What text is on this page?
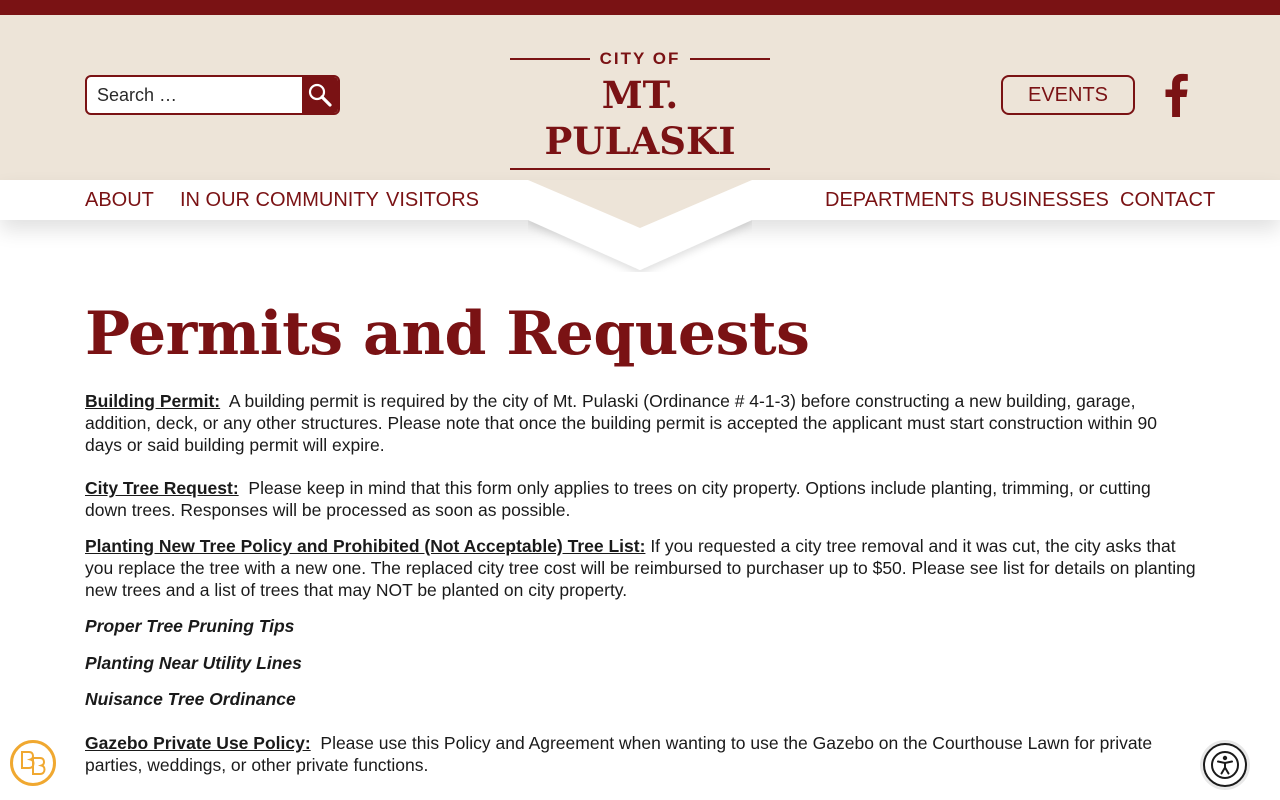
Search …
CITY OF
MT. PULASKI
EVENTS
ABOUT IN OUR COMMUNITY VISITORS	DEPARTMENTS BUSINESSES CONTACT
Permits and Requests

Building Permit: A building permit is required by the city of Mt. Pulaski (Ordinance # 4-1-3) before constructing a new building, garage, addition, deck, or any other structures. Please note that once the building permit is accepted the applicant must start construction within 90 days or said building permit will expire.

City Tree Request: Please keep in mind that this form only applies to trees on city property. Options include planting, trimming, or cutting down trees. Responses will be processed as soon as possible.

Planting New Tree Policy and Prohibited (Not Acceptable) Tree List: If you requested a city tree removal and it was cut, the city asks that you replace the tree with a new one. The replaced city tree cost will be reimbursed to purchaser up to $50. Please see list for details on planting new trees and a list of trees that may NOT be planted on city property.

Proper Tree Pruning Tips

Planting Near Utility Lines

Nuisance Tree Ordinance

Gazebo Private Use Policy: Please use this Policy and Agreement when wanting to use the Gazebo on the Courthouse Lawn for private parties, weddings, or other private functions.
